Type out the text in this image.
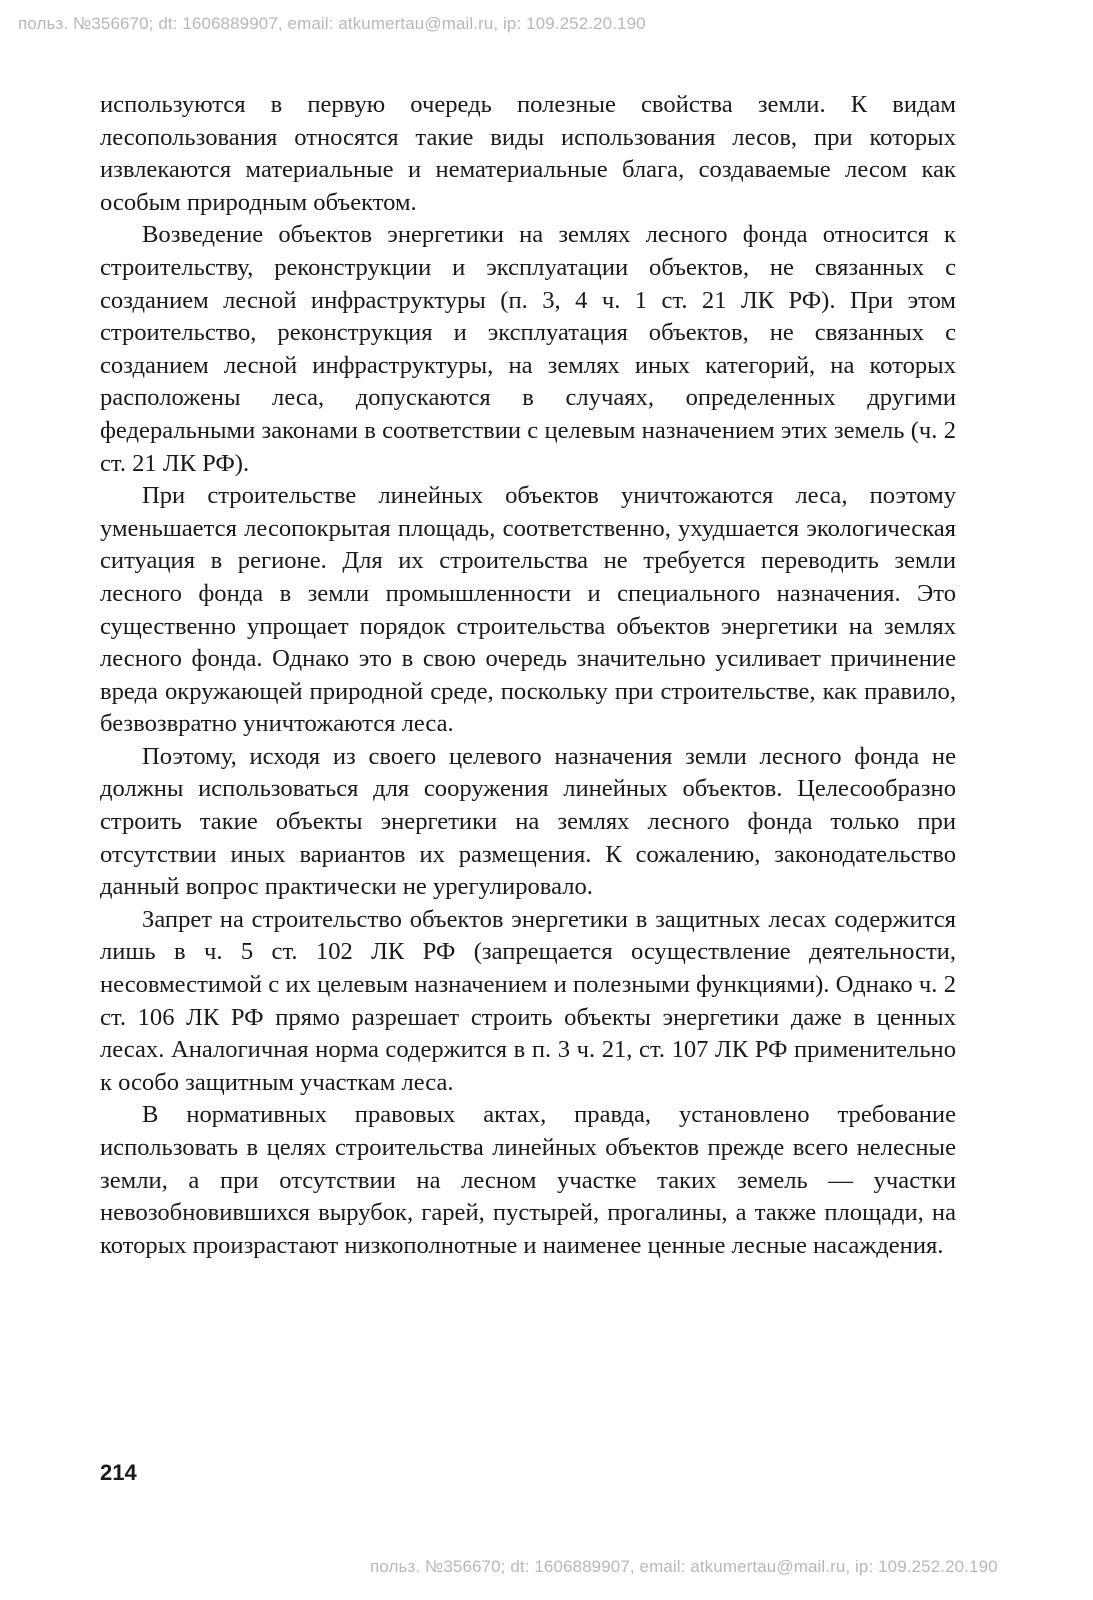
польз. №356670; dt: 1606889907, email: atkumertau@mail.ru, ip: 109.252.20.190

используются в первую очередь полезные свойства земли. К видам лесопользования относятся такие виды использования лесов, при которых извлекаются материальные и нематериальные блага, создаваемые лесом как особым природным объектом.

Возведение объектов энергетики на землях лесного фонда относится к строительству, реконструкции и эксплуатации объектов, не связанных с созданием лесной инфраструктуры (п. 3, 4 ч. 1 ст. 21 ЛК РФ). При этом строительство, реконструкция и эксплуатация объектов, не связанных с созданием лесной инфраструктуры, на землях иных категорий, на которых расположены леса, допускаются в случаях, определенных другими федеральными законами в соответствии с целевым назначением этих земель (ч. 2 ст. 21 ЛК РФ).

При строительстве линейных объектов уничтожаются леса, поэтому уменьшается лесопокрытая площадь, соответственно, ухудшается экологическая ситуация в регионе. Для их строительства не требуется переводить земли лесного фонда в земли промышленности и специального назначения. Это существенно упрощает порядок строительства объектов энергетики на землях лесного фонда. Однако это в свою очередь значительно усиливает причинение вреда окружающей природной среде, поскольку при строительстве, как правило, безвозвратно уничтожаются леса.

Поэтому, исходя из своего целевого назначения земли лесного фонда не должны использоваться для сооружения линейных объектов. Целесообразно строить такие объекты энергетики на землях лесного фонда только при отсутствии иных вариантов их размещения. К сожалению, законодательство данный вопрос практически не урегулировало.

Запрет на строительство объектов энергетики в защитных лесах содержится лишь в ч. 5 ст. 102 ЛК РФ (запрещается осуществление деятельности, несовместимой с их целевым назначением и полезными функциями). Однако ч. 2 ст. 106 ЛК РФ прямо разрешает строить объекты энергетики даже в ценных лесах. Аналогичная норма содержится в п. 3 ч. 21, ст. 107 ЛК РФ применительно к особо защитным участкам леса.

В нормативных правовых актах, правда, установлено требование использовать в целях строительства линейных объектов прежде всего нелесные земли, а при отсутствии на лесном участке таких земель — участки невозобновившихся вырубок, гарей, пустырей, прогалины, а также площади, на которых произрастают низкополнотные и наименее ценные лесные насаждения.

214
польз. №356670; dt: 1606889907, email: atkumertau@mail.ru, ip: 109.252.20.190
